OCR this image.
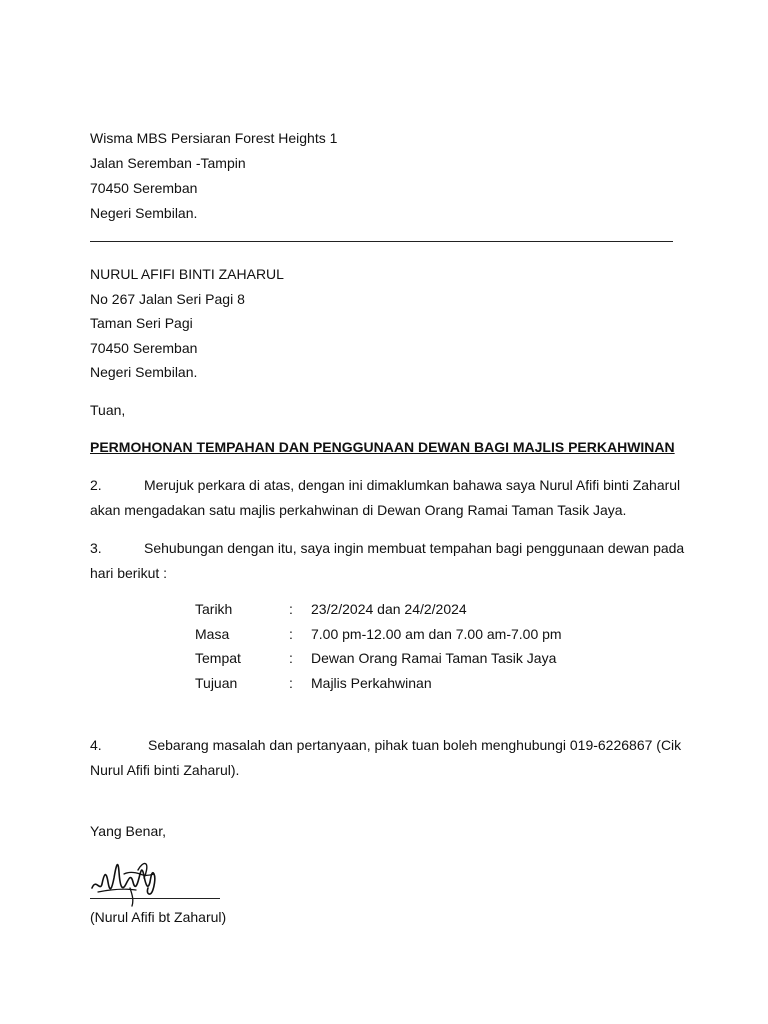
Wisma MBS Persiaran Forest Heights 1
Jalan Seremban -Tampin
70450 Seremban
Negeri Sembilan.
NURUL AFIFI BINTI ZAHARUL
No 267 Jalan Seri Pagi 8
Taman Seri Pagi
70450 Seremban
Negeri Sembilan.
Tuan,
PERMOHONAN TEMPAHAN DAN PENGGUNAAN DEWAN BAGI MAJLIS PERKAHWINAN
2.	Merujuk perkara di atas, dengan ini dimaklumkan bahawa saya Nurul Afifi binti Zaharul
akan mengadakan satu majlis perkahwinan di Dewan Orang Ramai Taman Tasik Jaya.
3.	Sehubungan dengan itu, saya ingin membuat tempahan bagi penggunaan dewan pada
hari berikut :
Tarikh	: 23/2/2024 dan 24/2/2024
Masa	: 7.00 pm-12.00 am dan 7.00 am-7.00 pm
Tempat	: Dewan Orang Ramai Taman Tasik Jaya
Tujuan	: Majlis Perkahwinan
4.	Sebarang masalah dan pertanyaan, pihak tuan boleh menghubungi 019-6226867 (Cik
Nurul Afifi binti Zaharul).
Yang Benar,
(Nurul Afifi bt Zaharul)
